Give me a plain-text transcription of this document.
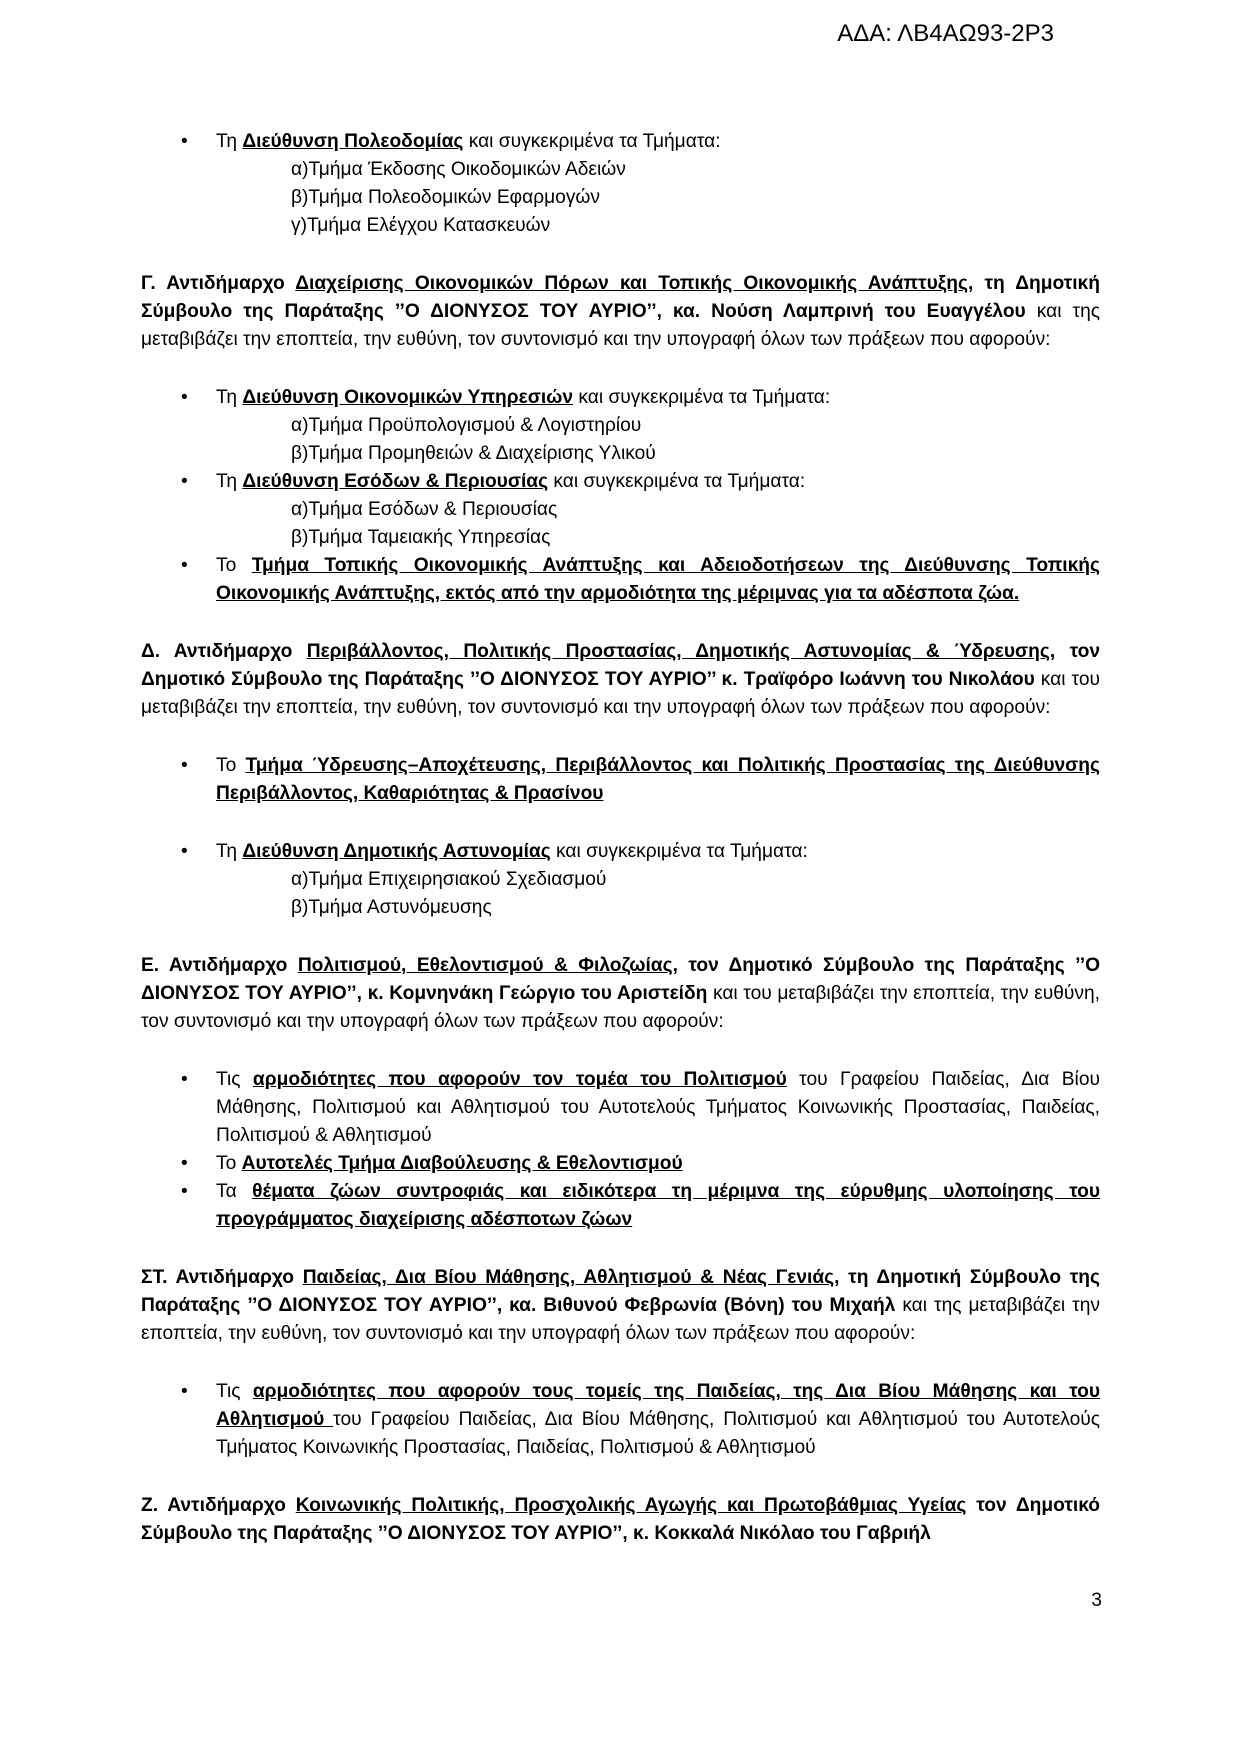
ΑΔΑ: ΛΒ4ΑΩ93-2Ρ3
• Τη Διεύθυνση Πολεοδομίας και συγκεκριμένα τα Τμήματα:
α)Τμήμα Έκδοσης Οικοδομικών Αδειών
β)Τμήμα Πολεοδομικών Εφαρμογών
γ)Τμήμα Ελέγχου Κατασκευών
Γ. Αντιδήμαρχο Διαχείρισης Οικονομικών Πόρων και Τοπικής Οικονομικής Ανάπτυξης, τη Δημοτική Σύμβουλο της Παράταξης ’’Ο ΔΙΟΝΥΣΟΣ ΤΟΥ ΑΥΡΙΟ’’, κα. Νούση Λαμπρινή του Ευαγγέλου και της μεταβιβάζει την εποπτεία, την ευθύνη, τον συντονισμό και την υπογραφή όλων των πράξεων που αφορούν:
• Τη Διεύθυνση Οικονομικών Υπηρεσιών και συγκεκριμένα τα Τμήματα:
α)Τμήμα Προϋπολογισμού & Λογιστηρίου
β)Τμήμα Προμηθειών & Διαχείρισης Υλικού
• Τη Διεύθυνση Εσόδων & Περιουσίας και συγκεκριμένα τα Τμήματα:
α)Τμήμα Εσόδων & Περιουσίας
β)Τμήμα Ταμειακής Υπηρεσίας
• Το Τμήμα Τοπικής Οικονομικής Ανάπτυξης και Αδειοδοτήσεων της Διεύθυνσης Τοπικής Οικονομικής Ανάπτυξης, εκτός από την αρμοδιότητα της μέριμνας για τα αδέσποτα ζώα.
Δ. Αντιδήμαρχο Περιβάλλοντος, Πολιτικής Προστασίας, Δημοτικής Αστυνομίας & Ύδρευσης, τον Δημοτικό Σύμβουλο της Παράταξης ’’Ο ΔΙΟΝΥΣΟΣ ΤΟΥ ΑΥΡΙΟ’’ κ. Τραϊφόρο Ιωάννη του Νικολάου και του μεταβιβάζει την εποπτεία, την ευθύνη, τον συντονισμό και την υπογραφή όλων των πράξεων που αφορούν:
• Το Τμήμα Ύδρευσης–Αποχέτευσης, Περιβάλλοντος και Πολιτικής Προστασίας της Διεύθυνσης Περιβάλλοντος, Καθαριότητας & Πρασίνου
• Τη Διεύθυνση Δημοτικής Αστυνομίας και συγκεκριμένα τα Τμήματα:
α)Τμήμα Επιχειρησιακού Σχεδιασμού
β)Τμήμα Αστυνόμευσης
Ε. Αντιδήμαρχο Πολιτισμού, Εθελοντισμού & Φιλοζωίας, τον Δημοτικό Σύμβουλο της Παράταξης ’’Ο ΔΙΟΝΥΣΟΣ ΤΟΥ ΑΥΡΙΟ’’, κ. Κομνηνάκη Γεώργιο του Αριστείδη και του μεταβιβάζει την εποπτεία, την ευθύνη, τον συντονισμό και την υπογραφή όλων των πράξεων που αφορούν:
• Τις αρμοδιότητες που αφορούν τον τομέα του Πολιτισμού του Γραφείου Παιδείας, Δια Βίου Μάθησης, Πολιτισμού και Αθλητισμού του Αυτοτελούς Τμήματος Κοινωνικής Προστασίας, Παιδείας, Πολιτισμού & Αθλητισμού
• Το Αυτοτελές Τμήμα Διαβούλευσης & Εθελοντισμού
• Τα θέματα ζώων συντροφιάς και ειδικότερα τη μέριμνα της εύρυθμης υλοποίησης του προγράμματος διαχείρισης αδέσποτων ζώων
ΣΤ. Αντιδήμαρχο Παιδείας, Δια Βίου Μάθησης, Αθλητισμού & Νέας Γενιάς, τη Δημοτική Σύμβουλο της Παράταξης ’’Ο ΔΙΟΝΥΣΟΣ ΤΟΥ ΑΥΡΙΟ’’, κα. Βιθυνού Φεβρωνία (Βόνη) του Μιχαήλ και της μεταβιβάζει την εποπτεία, την ευθύνη, τον συντονισμό και την υπογραφή όλων των πράξεων που αφορούν:
• Τις αρμοδιότητες που αφορούν τους τομείς της Παιδείας, της Δια Βίου Μάθησης και του Αθλητισμού του Γραφείου Παιδείας, Δια Βίου Μάθησης, Πολιτισμού και Αθλητισμού του Αυτοτελούς Τμήματος Κοινωνικής Προστασίας, Παιδείας, Πολιτισμού & Αθλητισμού
Ζ. Αντιδήμαρχο Κοινωνικής Πολιτικής, Προσχολικής Αγωγής και Πρωτοβάθμιας Υγείας τον Δημοτικό Σύμβουλο της Παράταξης ’’Ο ΔΙΟΝΥΣΟΣ ΤΟΥ ΑΥΡΙΟ’’, κ. Κοκκαλά Νικόλαο του Γαβριήλ
3
